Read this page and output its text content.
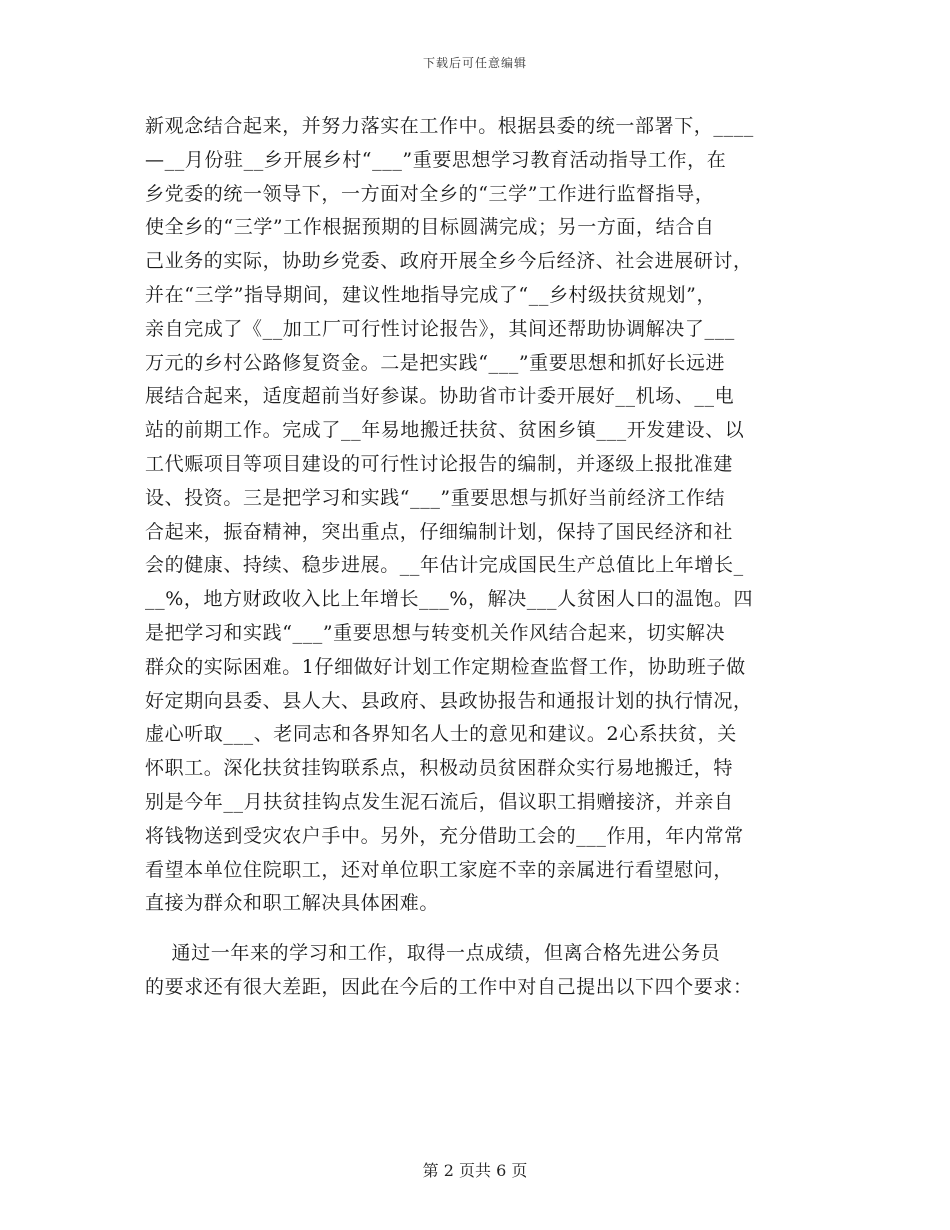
下载后可任意编辑
新观念结合起来，并努力落实在工作中。根据县委的统一部署下，____
—__月份驻__乡开展乡村“___”重要思想学习教育活动指导工作，在
乡党委的统一领导下，一方面对全乡的“三学”工作进行监督指导，
使全乡的“三学”工作根据预期的目标圆满完成；另一方面，结合自
己业务的实际，协助乡党委、政府开展全乡今后经济、社会进展研讨，
并在“三学”指导期间，建议性地指导完成了“__乡村级扶贫规划”，
亲自完成了《__加工厂可行性讨论报告》，其间还帮助协调解决了___
万元的乡村公路修复资金。二是把实践“___”重要思想和抓好长远进
展结合起来，适度超前当好参谋。协助省市计委开展好__机场、__电
站的前期工作。完成了__年易地搬迁扶贫、贫困乡镇___开发建设、以
工代赈项目等项目建设的可行性讨论报告的编制，并逐级上报批准建
设、投资。三是把学习和实践“___”重要思想与抓好当前经济工作结
合起来，振奋精神，突出重点，仔细编制计划，保持了国民经济和社
会的健康、持续、稳步进展。__年估计完成国民生产总值比上年增长_
__%，地方财政收入比上年增长___%，解决___人贫困人口的温饱。四
是把学习和实践“___”重要思想与转变机关作风结合起来，切实解决
群众的实际困难。1仔细做好计划工作定期检查监督工作，协助班子做
好定期向县委、县人大、县政府、县政协报告和通报计划的执行情况，
虚心听取___、老同志和各界知名人士的意见和建议。2心系扶贫，关
怀职工。深化扶贫挂钩联系点，积极动员贫困群众实行易地搬迁，特
别是今年__月扶贫挂钩点发生泥石流后，倡议职工捐赠接济，并亲自
将钱物送到受灾农户手中。另外，充分借助工会的___作用，年内常常
看望本单位住院职工，还对单位职工家庭不幸的亲属进行看望慰问，
直接为群众和职工解决具体困难。
通过一年来的学习和工作，取得一点成绩，但离合格先进公务员
的要求还有很大差距，因此在今后的工作中对自己提出以下四个要求：
第 2 页共 6 页
